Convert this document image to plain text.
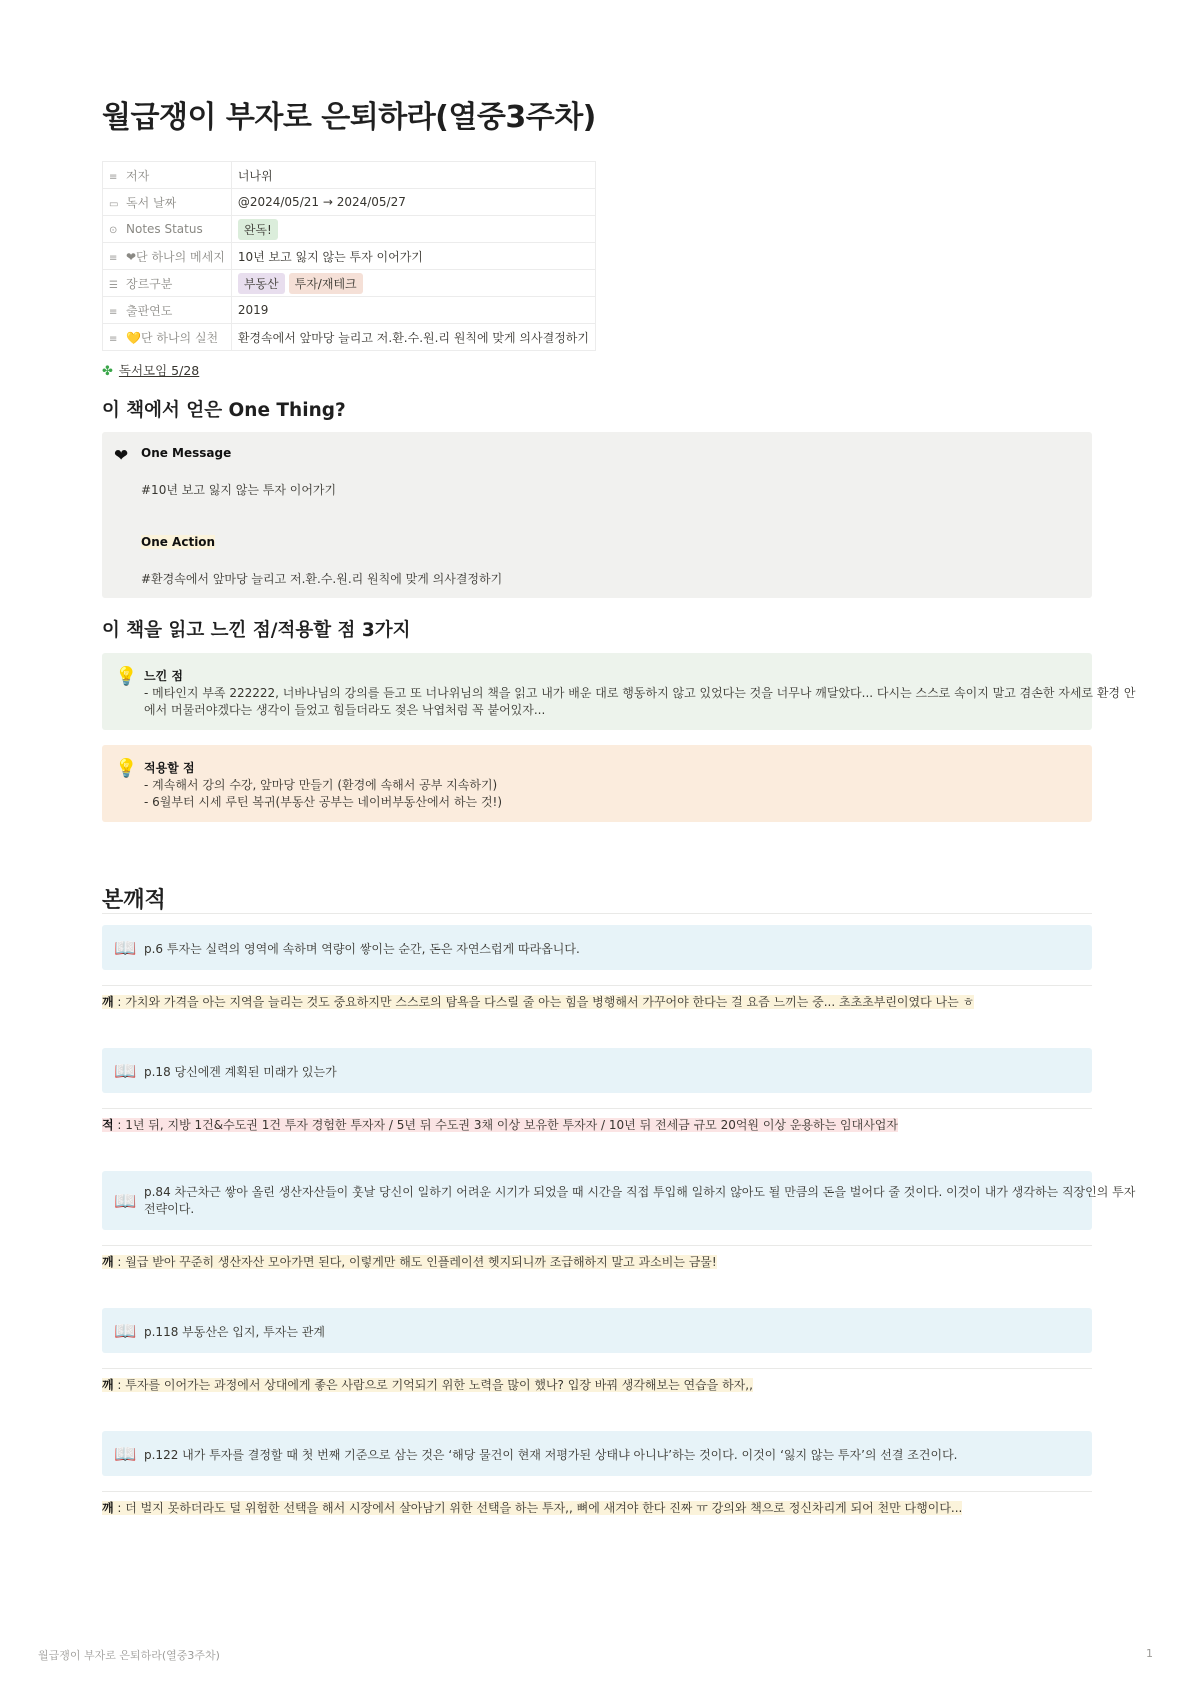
월급쟁이 부자로 은퇴하라(열중3주차)
≡ 저자	너나위
▭ 독서 날짜	@2024/05/21 → 2024/05/27
⊙ Notes Status	완독!
≡ ❤단 하나의 메세지	10년 보고 잃지 않는 투자 이어가기
☰ 장르구분	부동산 투자/재테크
≡ 출판연도	2019
≡ 💛단 하나의 실천	환경속에서 앞마당 늘리고 저.환.수.원.리 원칙에 맞게 의사결정하기
✤ 독서모임 5/28
이 책에서 얻은 One Thing?
❤ One Message
#10년 보고 잃지 않는 투자 이어가기
One Action
#환경속에서 앞마당 늘리고 저.환.수.원.리 원칙에 맞게 의사결정하기
이 책을 읽고 느낀 점/적용할 점 3가지
💡 느낀 점
- 메타인지 부족 222222, 너바나님의 강의를 듣고 또 너나위님의 책을 읽고 내가 배운 대로 행동하지 않고 있었다는 것을 너무나 깨달았다... 다시는 스스로 속이지 말고 겸손한 자세로 환경 안
에서 머물러야겠다는 생각이 들었고 힘들더라도 젖은 낙엽처럼 꼭 붙어있자...
💡 적용할 점
- 계속해서 강의 수강, 앞마당 만들기 (환경에 속해서 공부 지속하기)
- 6월부터 시세 루틴 복귀(부동산 공부는 네이버부동산에서 하는 것!)
본깨적
📖 p.6 투자는 실력의 영역에 속하며 역량이 쌓이는 순간, 돈은 자연스럽게 따라옵니다.
깨 : 가치와 가격을 아는 지역을 늘리는 것도 중요하지만 스스로의 탐욕을 다스릴 줄 아는 힘을 병행해서 가꾸어야 한다는 걸 요즘 느끼는 중... 초초초부린이였다 나는 ㅎ
📖 p.18 당신에겐 계획된 미래가 있는가
적 : 1년 뒤, 지방 1건&수도권 1건 투자 경험한 투자자 / 5년 뒤 수도권 3채 이상 보유한 투자자 / 10년 뒤 전세금 규모 20억원 이상 운용하는 임대사업자
📖 p.84 차근차근 쌓아 올린 생산자산들이 훗날 당신이 일하기 어려운 시기가 되었을 때 시간을 직접 투입해 일하지 않아도 될 만큼의 돈을 벌어다 줄 것이다. 이것이 내가 생각하는 직장인의 투자
전략이다.
깨 : 월급 받아 꾸준히 생산자산 모아가면 된다, 이렇게만 해도 인플레이션 헷지되니까 조급해하지 말고 과소비는 금물!
📖 p.118 부동산은 입지, 투자는 관계
깨 : 투자를 이어가는 과정에서 상대에게 좋은 사람으로 기억되기 위한 노력을 많이 했나? 입장 바꿔 생각해보는 연습을 하자,,
📖 p.122 내가 투자를 결정할 때 첫 번째 기준으로 삼는 것은 ‘해당 물건이 현재 저평가된 상태냐 아니냐’하는 것이다. 이것이 ‘잃지 않는 투자’의 선결 조건이다.
깨 : 더 벌지 못하더라도 덜 위험한 선택을 해서 시장에서 살아남기 위한 선택을 하는 투자,, 뼈에 새겨야 한다 진짜 ㅠ 강의와 책으로 정신차리게 되어 천만 다행이다...
월급쟁이 부자로 은퇴하라(열중3주차)	1
